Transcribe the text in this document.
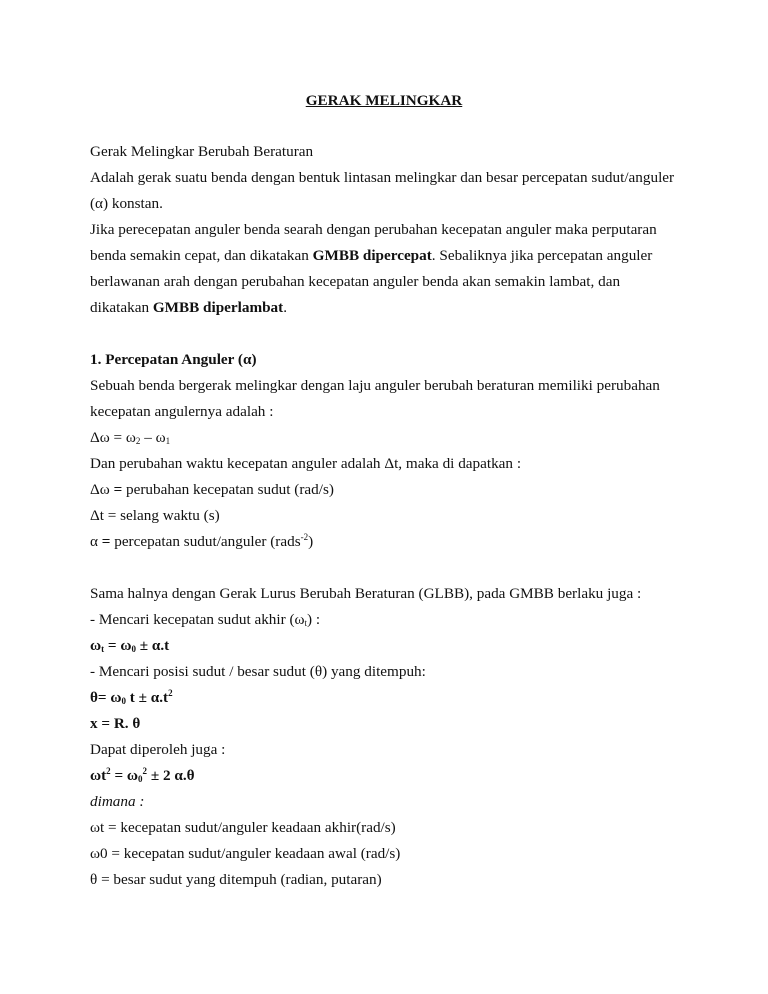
GERAK MELINGKAR
Gerak Melingkar Berubah Beraturan
Adalah gerak suatu benda dengan bentuk lintasan melingkar dan besar percepatan sudut/anguler
(α) konstan.
Jika perecepatan anguler benda searah dengan perubahan kecepatan anguler maka perputaran
benda semakin cepat, dan dikatakan GMBB dipercepat. Sebaliknya jika percepatan anguler
berlawanan arah dengan perubahan kecepatan anguler benda akan semakin lambat, dan
dikatakan GMBB diperlambat.
1. Percepatan Anguler (α)
Sebuah benda bergerak melingkar dengan laju anguler berubah beraturan memiliki perubahan
kecepatan angulernya adalah :
$\Delta\omega = \omega_2 - \omega_1$
Dan perubahan waktu kecepatan anguler adalah Δt, maka di dapatkan :
Δω = perubahan kecepatan sudut (rad/s)
Δt = selang waktu (s)
α = percepatan sudut/anguler (rads$^{-2}$)
Sama halnya dengan Gerak Lurus Berubah Beraturan (GLBB), pada GMBB berlaku juga :
- Mencari kecepatan sudut akhir $(\omega_t)$ :
$\omega_t = \omega_0 \pm \alpha.t$
- Mencari posisi sudut / besar sudut (θ) yang ditempuh:
$\theta= \omega_0$ $t \pm \alpha.t^2$
x = R. θ
Dapat diperoleh juga :
$\omega t^2 = \omega_0^2 \pm 2$ α.θ
dimana :
ωt = kecepatan sudut/anguler keadaan akhir(rad/s)
ω0 = kecepatan sudut/anguler keadaan awal (rad/s)
θ = besar sudut yang ditempuh (radian, putaran)
